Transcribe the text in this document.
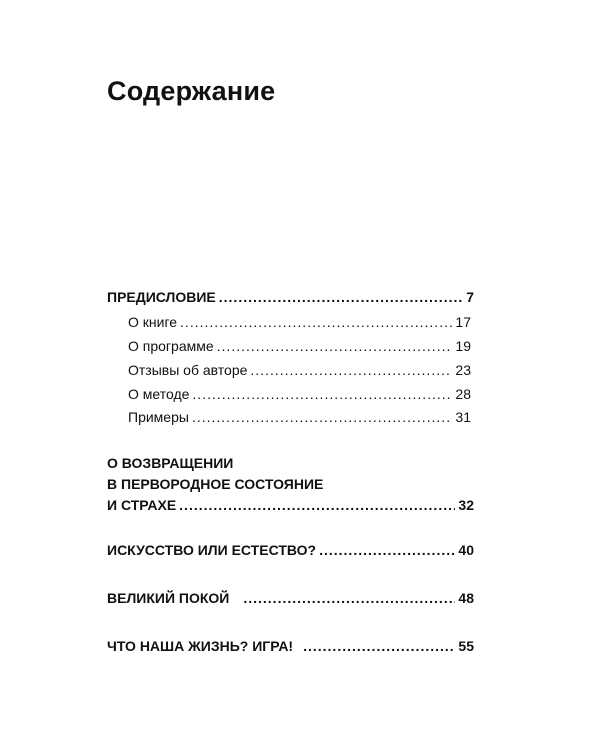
Содержание
ПРЕДИСЛОВИЕ .....	7
О книге .....	17
О программе .....	19
Отзывы об авторе .....	23
О методе .....	28
Примеры .....	31
О ВОЗВРАЩЕНИИ
В ПЕРВОРОДНОЕ СОСТОЯНИЕ
И СТРАХЕ .....	32
ИСКУССТВО ИЛИ ЕСТЕСТВО? .....	40
ВЕЛИКИЙ ПОКОЙ .....	48
ЧТО НАША ЖИЗНЬ? ИГРА! .....	55
